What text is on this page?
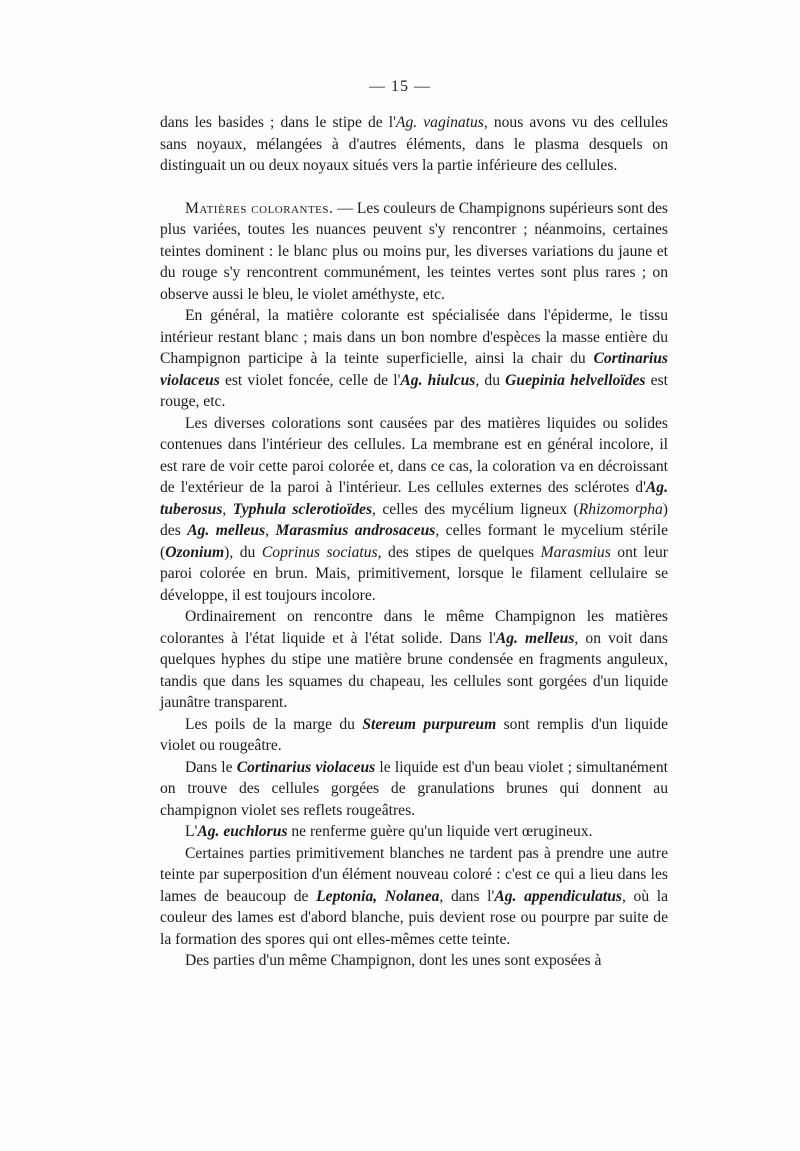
— 15 —

dans les basides ; dans le stipe de l'Ag. vaginatus, nous avons vu des cellules sans noyaux, mélangées à d'autres éléments, dans le plasma desquels on distinguait un ou deux noyaux situés vers la partie inférieure des cellules.

Matières colorantes. — Les couleurs de Champignons supérieurs sont des plus variées, toutes les nuances peuvent s'y rencontrer ; néanmoins, certaines teintes dominent : le blanc plus ou moins pur, les diverses variations du jaune et du rouge s'y rencontrent communément, les teintes vertes sont plus rares ; on observe aussi le bleu, le violet améthyste, etc.

En général, la matière colorante est spécialisée dans l'épiderme, le tissu intérieur restant blanc ; mais dans un bon nombre d'espèces la masse entière du Champignon participe à la teinte superficielle, ainsi la chair du Cortinarius violaceus est violet foncée, celle de l'Ag. hiulcus, du Guepinia helvelloïdes est rouge, etc.

Les diverses colorations sont causées par des matières liquides ou solides contenues dans l'intérieur des cellules. La membrane est en général incolore, il est rare de voir cette paroi colorée et, dans ce cas, la coloration va en décroissant de l'extérieur de la paroi à l'intérieur. Les cellules externes des sclérotes d'Ag. tuberosus, Typhula sclerotioïdes, celles des mycélium ligneux (Rhizomorpha) des Ag. melleus, Marasmius androsaceus, celles formant le mycelium stérile (Ozonium), du Coprinus sociatus, des stipes de quelques Marasmius ont leur paroi colorée en brun. Mais, primitivement, lorsque le filament cellulaire se développe, il est toujours incolore.

Ordinairement on rencontre dans le même Champignon les matières colorantes à l'état liquide et à l'état solide. Dans l'Ag. melleus, on voit dans quelques hyphes du stipe une matière brune condensée en fragments anguleux, tandis que dans les squames du chapeau, les cellules sont gorgées d'un liquide jaunâtre transparent.

Les poils de la marge du Stereum purpureum sont remplis d'un liquide violet ou rougeâtre.

Dans le Cortinarius violaceus le liquide est d'un beau violet ; simultanément on trouve des cellules gorgées de granulations brunes qui donnent au champignon violet ses reflets rougeâtres.

L'Ag. euchlorus ne renferme guère qu'un liquide vert œrugineux.

Certaines parties primitivement blanches ne tardent pas à prendre une autre teinte par superposition d'un élément nouveau coloré : c'est ce qui a lieu dans les lames de beaucoup de Leptonia, Nolanea, dans l'Ag. appendiculatus, où la couleur des lames est d'abord blanche, puis devient rose ou pourpre par suite de la formation des spores qui ont elles-mêmes cette teinte.

Des parties d'un même Champignon, dont les unes sont exposées à
